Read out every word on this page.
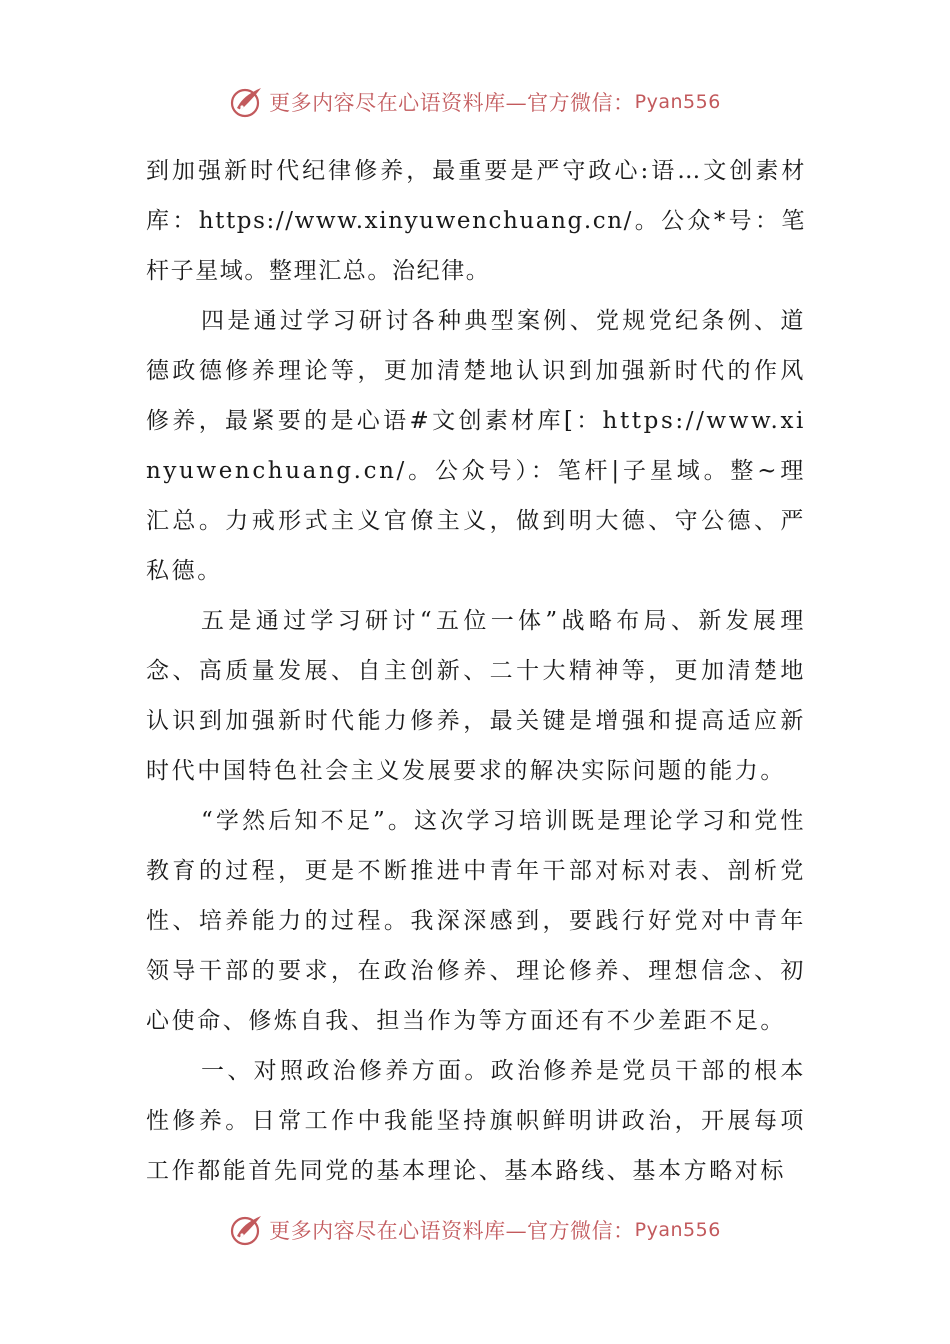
更多内容尽在心语资料库—官方微信： Pyan556

到加强新时代纪律修养，最重要是严守政心:语…文创素材库：https://www.xinyuwenchuang.cn/。公众*号：笔杆子星域。整理汇总。治纪律。

四是通过学习研讨各种典型案例、党规党纪条例、道德政德修养理论等，更加清楚地认识到加强新时代的作风修养，最紧要的是心语#文创素材库[：https://www.xinyuwenchuang.cn/。公众号）：笔杆|子星域。整~理汇总。力戒形式主义官僚主义，做到明大德、守公德、严私德。

五是通过学习研讨“五位一体”战略布局、新发展理念、高质量发展、自主创新、二十大精神等，更加清楚地认识到加强新时代能力修养，最关键是增强和提高适应新时代中国特色社会主义发展要求的解决实际问题的能力。

“学然后知不足”。这次学习培训既是理论学习和党性教育的过程，更是不断推进中青年干部对标对表、剖析党性、培养能力的过程。我深深感到，要践行好党对中青年领导干部的要求，在政治修养、理论修养、理想信念、初心使命、修炼自我、担当作为等方面还有不少差距不足。

一、对照政治修养方面。政治修养是党员干部的根本性修养。日常工作中我能坚持旗帜鲜明讲政治，开展每项工作都能首先同党的基本理论、基本路线、基本方略对标

更多内容尽在心语资料库—官方微信： Pyan556
